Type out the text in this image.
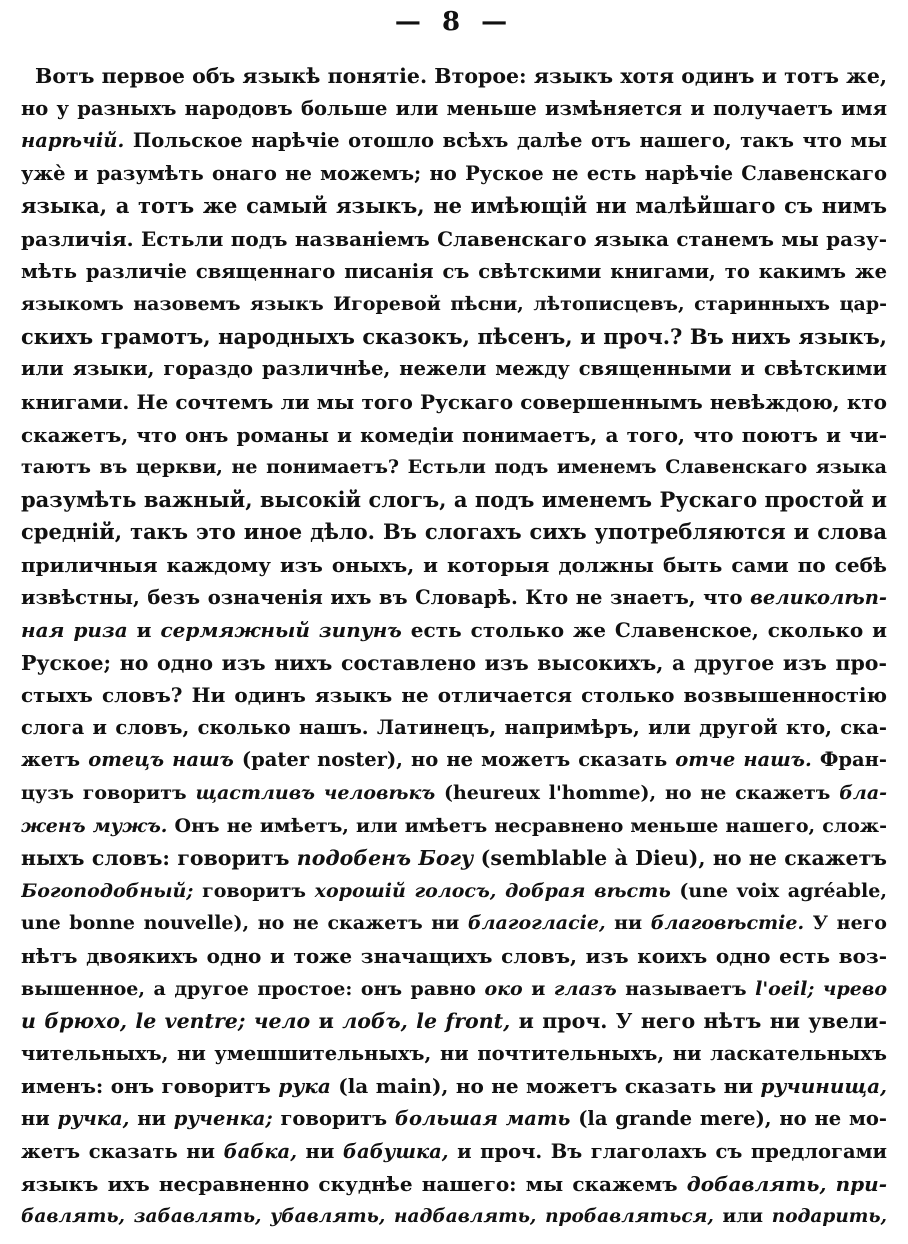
— 8 —
Вотъ первое объ языкѣ понятіе. Второе: языкъ хотя одинъ и тотъ же,
но у разныхъ народовъ больше или меньше измѣняется и получаетъ имя
нарѣчій. Польское нарѣчіе отошло всѣхъ далѣе отъ нашего, такъ что мы
ужè и разумѣть онаго не можемъ; но Руское не есть нарѣчіе Славенскаго
языка, а тотъ же самый языкъ, не имѣющій ни малѣйшаго съ нимъ
различія. Естьли подъ названіемъ Славенскаго языка станемъ мы разу-
мѣть различіе священнаго писанія съ свѣтскими книгами, то какимъ же
языкомъ назовемъ языкъ Игоревой пѣсни, лѣтописцевъ, старинныхъ цар-
скихъ грамотъ, народныхъ сказокъ, пѣсенъ, и проч.? Въ нихъ языкъ,
или языки, гораздо различнѣе, нежели между священными и свѣтскими
книгами. Не сочтемъ ли мы того Рускаго совершеннымъ невѣждою, кто
скажетъ, что онъ романы и комедіи понимаетъ, а того, что поютъ и чи-
таютъ въ церкви, не понимаетъ? Естьли подъ именемъ Славенскаго языка
разумѣть важный, высокій слогъ, а подъ именемъ Рускаго простой и
средній, такъ это иное дѣло. Въ слогахъ сихъ употребляются и слова
приличныя каждому изъ оныхъ, и которыя должны быть сами по себѣ
извѣстны, безъ означенія ихъ въ Словарѣ. Кто не знаетъ, что великолѣп-
ная риза и сермяжный зипунъ есть столько же Славенское, сколько и
Руское; но одно изъ нихъ составлено изъ высокихъ, а другое изъ про-
стыхъ словъ? Ни одинъ языкъ не отличается столько возвышенностію
слога и словъ, сколько нашъ. Латинецъ, напримѣръ, или другой кто, ска-
жетъ отецъ нашъ (pater noster), но не можетъ сказать отче нашъ. Фран-
цузъ говоритъ щастливъ человѣкъ (heureux l'homme), но не скажетъ бла-
женъ мужъ. Онъ не имѣетъ, или имѣетъ несравнено меньше нашего, слож-
ныхъ словъ: говоритъ подобенъ Богу (semblable à Dieu), но не скажетъ
Богоподобный; говоритъ хорошій голосъ, добрая вѣсть (une voix agréable,
une bonne nouvelle), но не скажетъ ни благогласіе, ни благовѣстіе. У него
нѣтъ двоякихъ одно и тоже значащихъ словъ, изъ коихъ одно есть воз-
вышенное, а другое простое: онъ равно око и глазъ называетъ l'oeil; чрево
и брюхо, le ventre; чело и лобъ, le front, и проч. У него нѣтъ ни увели-
чительныхъ, ни умешшительныхъ, ни почтительныхъ, ни ласкательныхъ
именъ: онъ говоритъ рука (la main), но не можетъ сказать ни ручинища,
ни ручка, ни рученка; говоритъ большая мать (la grande mere), но не мо-
жетъ сказать ни бабка, ни бабушка, и проч. Въ глаголахъ съ предлогами
языкъ ихъ несравненно скуднѣе нашего: мы скажемъ добавлять, при-
бавлять, забавлять, убавлять, надбавлять, пробавляться, или подарить,
